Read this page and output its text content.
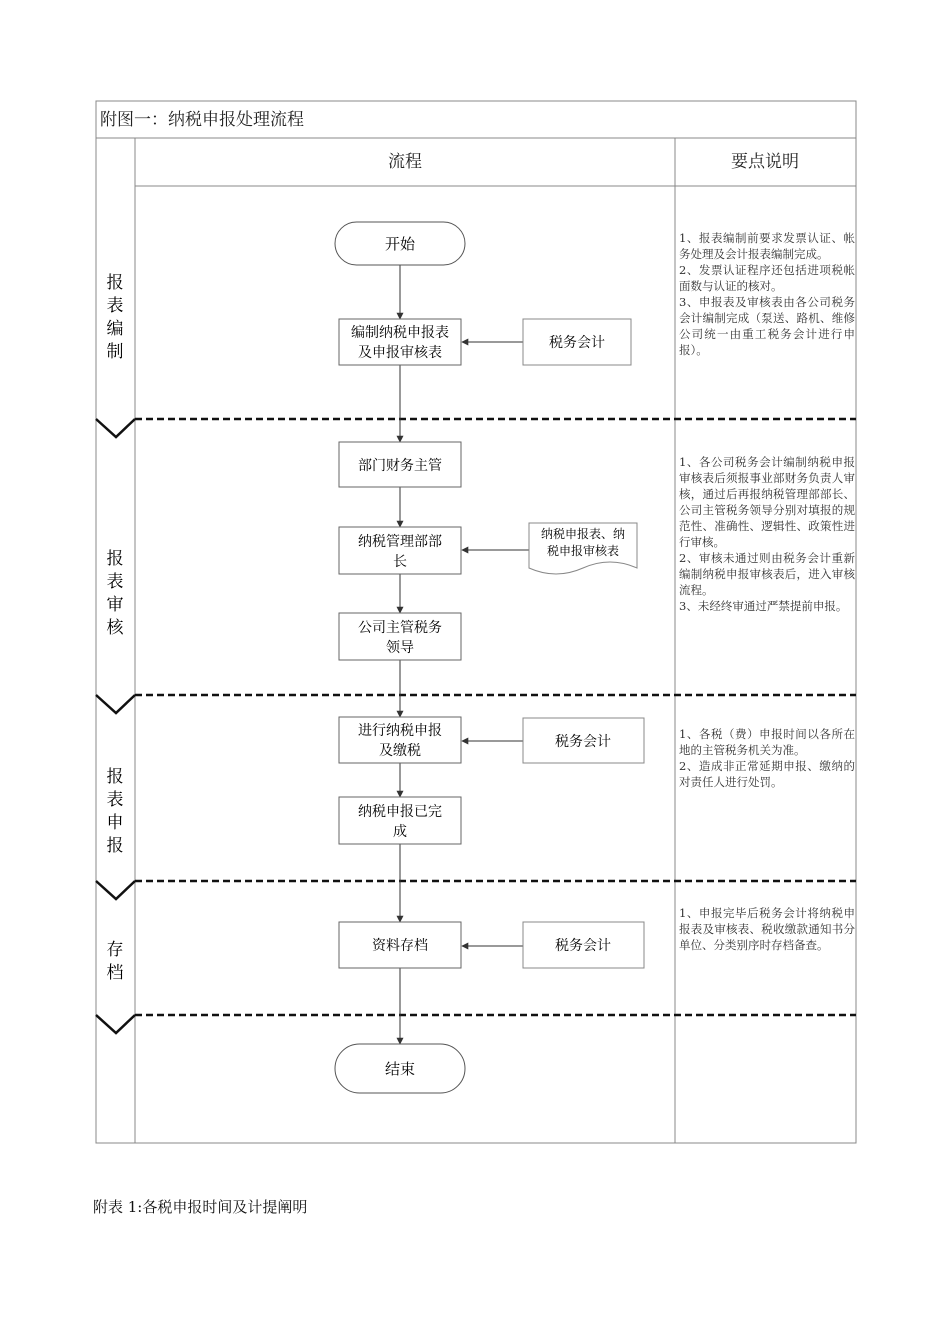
附图一：纳税申报处理流程
流程	要点说明
报
表
编
制
报
表
审
核
报
表
申
报
存
档
开始
编制纳税申报表
及申报审核表
部门财务主管
纳税管理部部
长
公司主管税务
领导
进行纳税申报
及缴税
纳税申报已完
成
资料存档
结束
税务会计
纳税申报表、纳
税申报审核表
税务会计
税务会计

1、报表编制前要求发票认证、帐务处理及会计报表编制完成。

2、发票认证程序还包括进项税帐面数与认证的核对。

3、申报表及审核表由各公司税务会计编制完成（泵送、路机、维修公司统一由重工税务会计进行申报）。

1、各公司税务会计编制纳税申报审核表后须报事业部财务负责人审核，通过后再报纳税管理部部长、公司主管税务领导分别对填报的规范性、准确性、逻辑性、政策性进行审核。

2、审核未通过则由税务会计重新编制纳税申报审核表后，进入审核流程。

3、未经终审通过严禁提前申报。

1、各税（费）申报时间以各所在地的主管税务机关为准。

2、造成非正常延期申报、缴纳的对责任人进行处罚。

1、申报完毕后税务会计将纳税申报表及审核表、税收缴款通知书分单位、分类别序时存档备查。

附表 1:各税申报时间及计提阐明
